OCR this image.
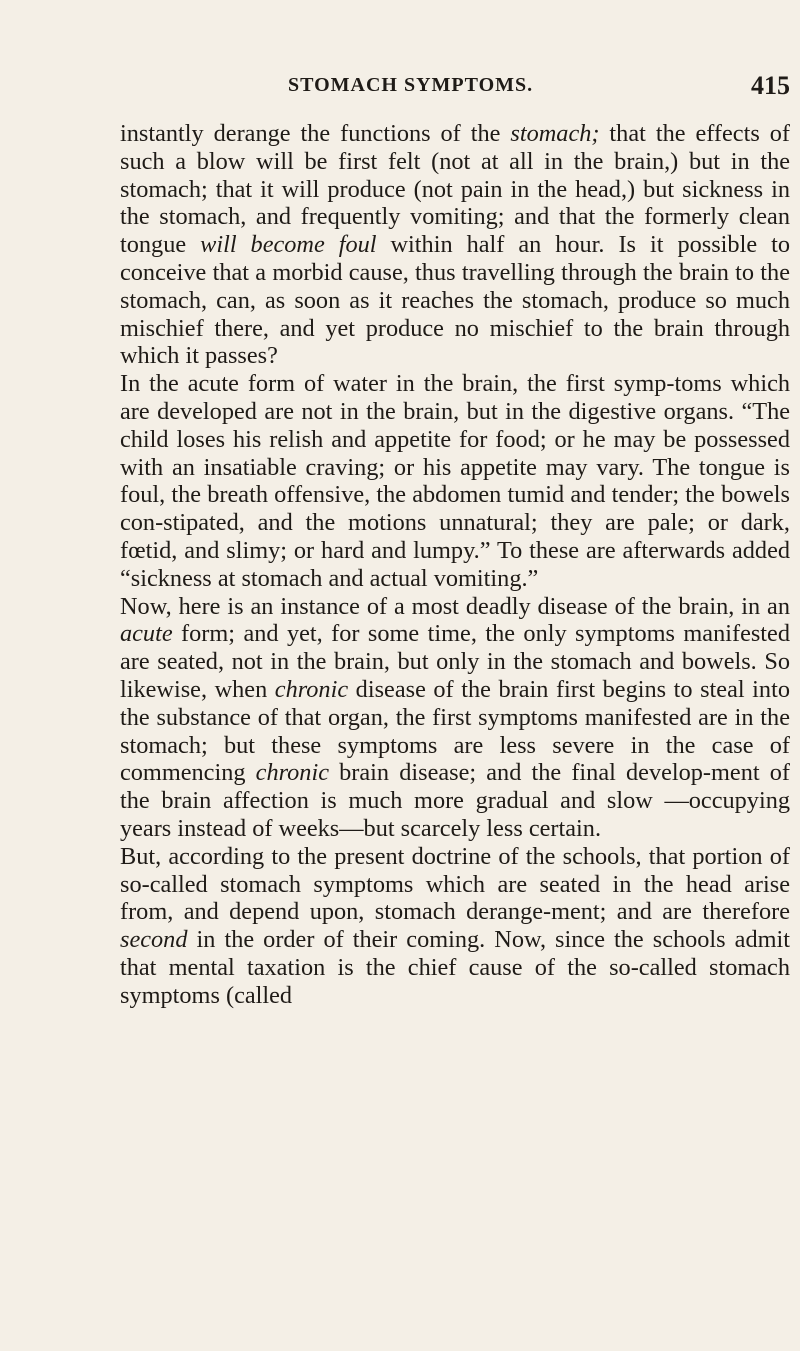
STOMACH SYMPTOMS.	415

instantly derange the functions of the stomach; that the effects of such a blow will be first felt (not at all in the brain,) but in the stomach; that it will produce (not pain in the head,) but sickness in the stomach, and frequently vomiting; and that the formerly clean tongue will become foul within half an hour. Is it possible to conceive that a morbid cause, thus travelling through the brain to the stomach, can, as soon as it reaches the stomach, produce so much mischief there, and yet produce no mischief to the brain through which it passes?

In the acute form of water in the brain, the first symp-toms which are developed are not in the brain, but in the digestive organs. “The child loses his relish and appetite for food; or he may be possessed with an insatiable craving; or his appetite may vary. The tongue is foul, the breath offensive, the abdomen tumid and tender; the bowels con-stipated, and the motions unnatural; they are pale; or dark, fœtid, and slimy; or hard and lumpy.” To these are afterwards added “sickness at stomach and actual vomiting.”

Now, here is an instance of a most deadly disease of the brain, in an acute form; and yet, for some time, the only symptoms manifested are seated, not in the brain, but only in the stomach and bowels. So likewise, when chronic disease of the brain first begins to steal into the substance of that organ, the first symptoms manifested are in the stomach; but these symptoms are less severe in the case of commencing chronic brain disease; and the final develop-ment of the brain affection is much more gradual and slow —occupying years instead of weeks—but scarcely less certain.

But, according to the present doctrine of the schools, that portion of so-called stomach symptoms which are seated in the head arise from, and depend upon, stomach derange-ment; and are therefore second in the order of their coming. Now, since the schools admit that mental taxation is the chief cause of the so-called stomach symptoms (called
